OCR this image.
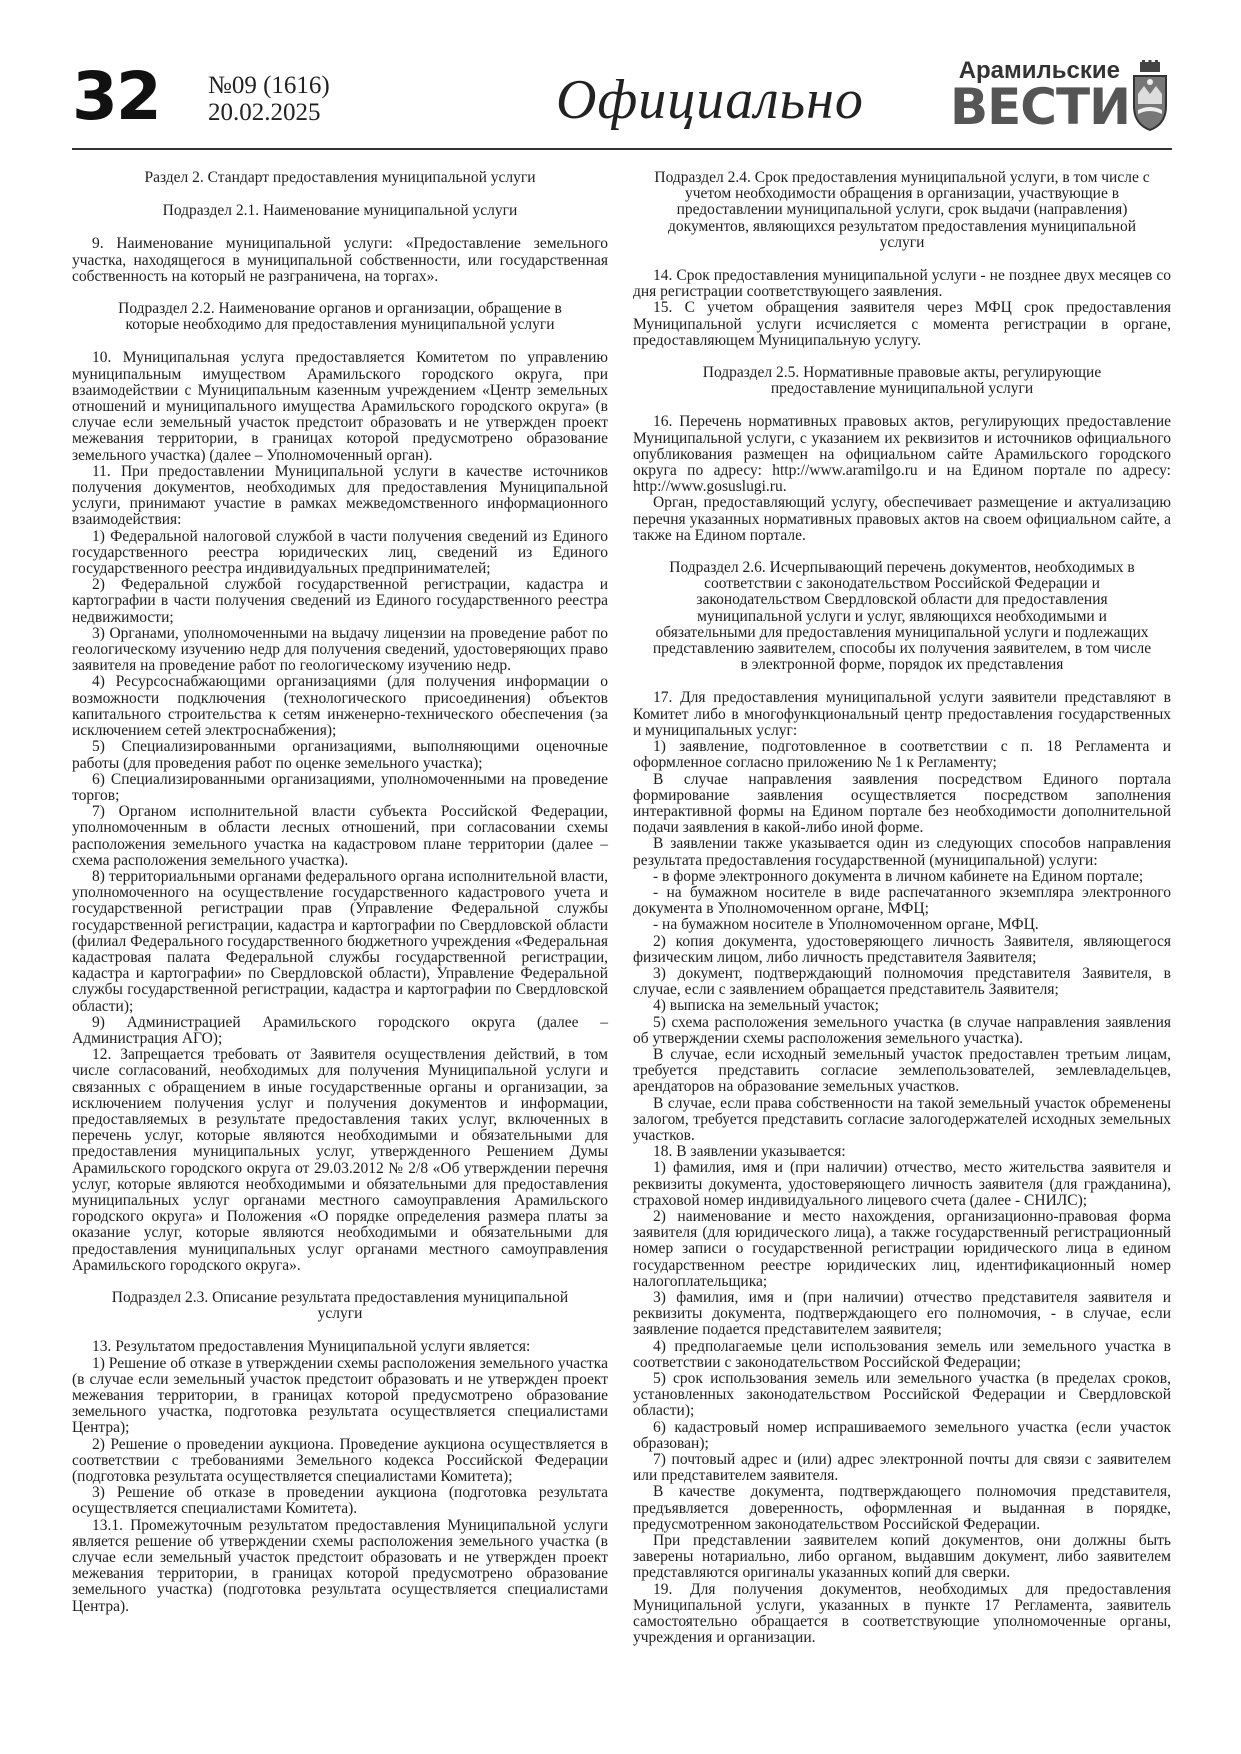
32 №09 (1616)
20.02.2025	Официально	Арамильские
ВЕСТИ
Раздел 2. Стандарт предоставления муниципальной услуги
Подраздел 2.1. Наименование муниципальной услуги

9. Наименование муниципальной услуги: «Предоставление земельного участка, находящегося в муниципальной собственности, или государственная собственность на который не разграничена, на торгах».

Подраздел 2.2. Наименование органов и организации, обращение в которые необходимо для предоставления муниципальной услуги

10. Муниципальная услуга предоставляется Комитетом по управлению муниципальным имуществом Арамильского городского округа, при взаимодействии с Муниципальным казенным учреждением «Центр земельных отношений и муниципального имущества Арамильского городского округа» (в случае если земельный участок предстоит образовать и не утвержден проект межевания территории, в границах которой предусмотрено образование земельного участка) (далее – Уполномоченный орган).

11. При предоставлении Муниципальной услуги в качестве источников получения документов, необходимых для предоставления Муниципальной услуги, принимают участие в рамках межведомственного информационного взаимодействия:

1) Федеральной налоговой службой в части получения сведений из Единого государственного реестра юридических лиц, сведений из Единого государственного реестра индивидуальных предпринимателей;

2) Федеральной службой государственной регистрации, кадастра и картографии в части получения сведений из Единого государственного реестра недвижимости;

3) Органами, уполномоченными на выдачу лицензии на проведение работ по геологическому изучению недр для получения сведений, удостоверяющих право заявителя на проведение работ по геологическому изучению недр.

4) Ресурсоснабжающими организациями (для получения информации о возможности подключения (технологического присоединения) объектов капитального строительства к сетям инженерно-технического обеспечения (за исключением сетей электроснабжения);

5) Специализированными организациями, выполняющими оценочные работы (для проведения работ по оценке земельного участка);

6) Специализированными организациями, уполномоченными на проведение торгов;

7) Органом исполнительной власти субъекта Российской Федерации, уполномоченным в области лесных отношений, при согласовании схемы расположения земельного участка на кадастровом плане территории (далее – схема расположения земельного участка).

8) территориальными органами федерального органа исполнительной власти, уполномоченного на осуществление государственного кадастрового учета и государственной регистрации прав (Управление Федеральной службы государственной регистрации, кадастра и картографии по Свердловской области (филиал Федерального государственного бюджетного учреждения «Федеральная кадастровая палата Федеральной службы государственной регистрации, кадастра и картографии» по Свердловской области), Управление Федеральной службы государственной регистрации, кадастра и картографии по Свердловской области);

9) Администрацией Арамильского городского округа (далее – Администрация АГО);

12. Запрещается требовать от Заявителя осуществления действий, в том числе согласований, необходимых для получения Муниципальной услуги и связанных с обращением в иные государственные органы и организации, за исключением получения услуг и получения документов и информации, предоставляемых в результате предоставления таких услуг, включенных в перечень услуг, которые являются необходимыми и обязательными для предоставления муниципальных услуг, утвержденного Решением Думы Арамильского городского округа от 29.03.2012 № 2/8 «Об утверждении перечня услуг, которые являются необходимыми и обязательными для предоставления муниципальных услуг органами местного самоуправления Арамильского городского округа» и Положения «О порядке определения размера платы за оказание услуг, которые являются необходимыми и обязательными для предоставления муниципальных услуг органами местного самоуправления Арамильского городского округа».

Подраздел 2.3. Описание результата предоставления муниципальной услуги

13. Результатом предоставления Муниципальной услуги является:

1) Решение об отказе в утверждении схемы расположения земельного участка (в случае если земельный участок предстоит образовать и не утвержден проект межевания территории, в границах которой предусмотрено образование земельного участка, подготовка результата осуществляется специалистами Центра);

2) Решение о проведении аукциона. Проведение аукциона осуществляется в соответствии с требованиями Земельного кодекса Российской Федерации (подготовка результата осуществляется специалистами Комитета);

3) Решение об отказе в проведении аукциона (подготовка результата осуществляется специалистами Комитета).

13.1. Промежуточным результатом предоставления Муниципальной услуги является решение об утверждении схемы расположения земельного участка (в случае если земельный участок предстоит образовать и не утвержден проект межевания территории, в границах которой предусмотрено образование земельного участка) (подготовка результата осуществляется специалистами Центра).

Подраздел 2.4. Срок предоставления муниципальной услуги, в том числе с учетом необходимости обращения в организации, участвующие в предоставлении муниципальной услуги, срок выдачи (направления) документов, являющихся результатом предоставления муниципальной услуги

14. Срок предоставления муниципальной услуги - не позднее двух месяцев со дня регистрации соответствующего заявления.

15. С учетом обращения заявителя через МФЦ срок предоставления Муниципальной услуги исчисляется с момента регистрации в органе, предоставляющем Муниципальную услугу.

Подраздел 2.5. Нормативные правовые акты, регулирующие предоставление муниципальной услуги

16. Перечень нормативных правовых актов, регулирующих предоставление Муниципальной услуги, с указанием их реквизитов и источников официального опубликования размещен на официальном сайте Арамильского городского округа по адресу: http://www.aramilgo.ru и на Едином портале по адресу: http://www.gosuslugi.ru.

Орган, предоставляющий услугу, обеспечивает размещение и актуализацию перечня указанных нормативных правовых актов на своем официальном сайте, а также на Едином портале.

Подраздел 2.6. Исчерпывающий перечень документов, необходимых в соответствии с законодательством Российской Федерации и законодательством Свердловской области для предоставления муниципальной услуги и услуг, являющихся необходимыми и обязательными для предоставления муниципальной услуги и подлежащих представлению заявителем, способы их получения заявителем, в том числе в электронной форме, порядок их представления

17. Для предоставления муниципальной услуги заявители представляют в Комитет либо в многофункциональный центр предоставления государственных и муниципальных услуг:

1) заявление, подготовленное в соответствии с п. 18 Регламента и оформленное согласно приложению № 1 к Регламенту;

В случае направления заявления посредством Единого портала формирование заявления осуществляется посредством заполнения интерактивной формы на Едином портале без необходимости дополнительной подачи заявления в какой-либо иной форме.

В заявлении также указывается один из следующих способов направления результата предоставления государственной (муниципальной) услуги:

- в форме электронного документа в личном кабинете на Едином портале;

- на бумажном носителе в виде распечатанного экземпляра электронного документа в Уполномоченном органе, МФЦ;

- на бумажном носителе в Уполномоченном органе, МФЦ.

2) копия документа, удостоверяющего личность Заявителя, являющегося физическим лицом, либо личность представителя Заявителя;

3) документ, подтверждающий полномочия представителя Заявителя, в случае, если с заявлением обращается представитель Заявителя;

4) выписка на земельный участок;

5) схема расположения земельного участка (в случае направления заявления об утверждении схемы расположения земельного участка).

В случае, если исходный земельный участок предоставлен третьим лицам, требуется представить согласие землепользователей, землевладельцев, арендаторов на образование земельных участков.

В случае, если права собственности на такой земельный участок обременены залогом, требуется представить согласие залогодержателей исходных земельных участков.

18. В заявлении указывается:

1) фамилия, имя и (при наличии) отчество, место жительства заявителя и реквизиты документа, удостоверяющего личность заявителя (для гражданина), страховой номер индивидуального лицевого счета (далее - СНИЛС);

2) наименование и место нахождения, организационно-правовая форма заявителя (для юридического лица), а также государственный регистрационный номер записи о государственной регистрации юридического лица в едином государственном реестре юридических лиц, идентификационный номер налогоплательщика;

3) фамилия, имя и (при наличии) отчество представителя заявителя и реквизиты документа, подтверждающего его полномочия, - в случае, если заявление подается представителем заявителя;

4) предполагаемые цели использования земель или земельного участка в соответствии с законодательством Российской Федерации;

5) срок использования земель или земельного участка (в пределах сроков, установленных законодательством Российской Федерации и Свердловской области);

6) кадастровый номер испрашиваемого земельного участка (если участок образован);

7) почтовый адрес и (или) адрес электронной почты для связи с заявителем или представителем заявителя.

В качестве документа, подтверждающего полномочия представителя, предъявляется доверенность, оформленная и выданная в порядке, предусмотренном законодательством Российской Федерации.

При представлении заявителем копий документов, они должны быть заверены нотариально, либо органом, выдавшим документ, либо заявителем представляются оригиналы указанных копий для сверки.

19. Для получения документов, необходимых для предоставления Муниципальной услуги, указанных в пункте 17 Регламента, заявитель самостоятельно обращается в соответствующие уполномоченные органы, учреждения и организации.
